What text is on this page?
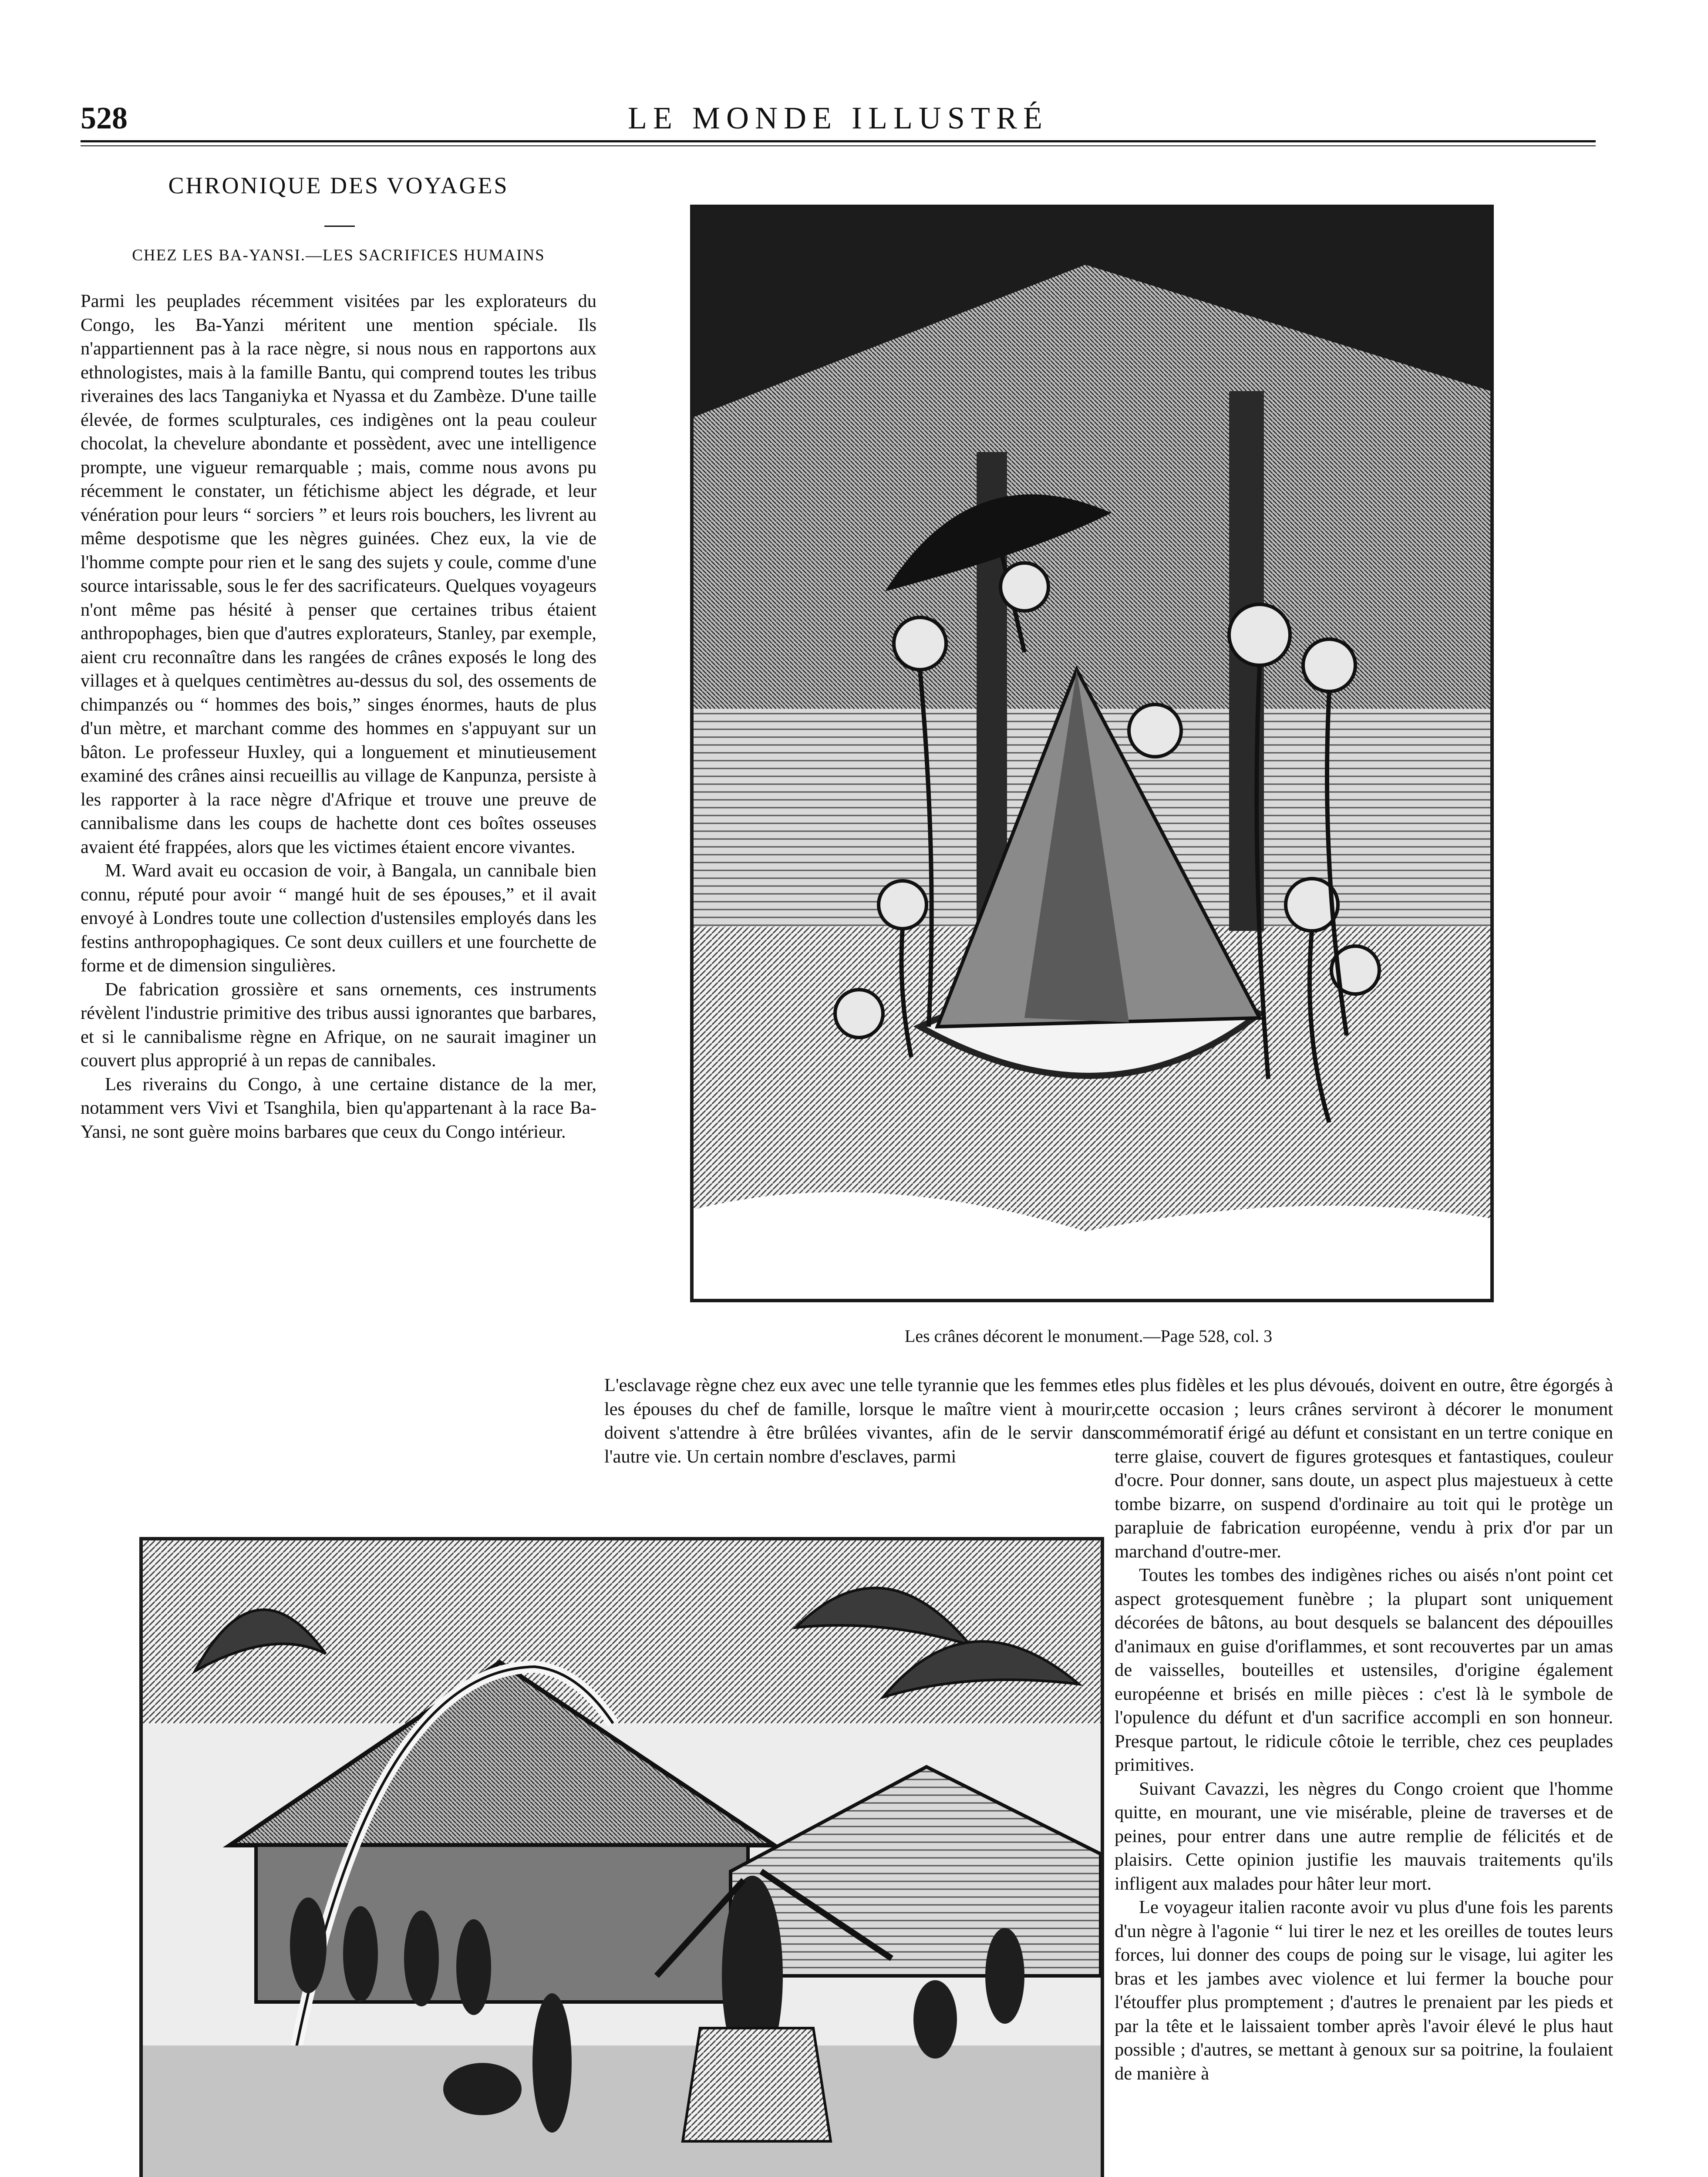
528	LE MONDE ILLUSTRÉ
CHRONIQUE DES VOYAGES
CHEZ LES BA-YANSI.—LES SACRIFICES HUMAINS

Parmi les peuplades récemment visitées par les explorateurs du Congo, les Ba-Yanzi méritent une mention spéciale. Ils n'appartiennent pas à la race nègre, si nous nous en rapportons aux ethnologistes, mais à la famille Bantu, qui comprend toutes les tribus riveraines des lacs Tanganiyka et Nyassa et du Zambèze. D'une taille élevée, de formes sculpturales, ces indigènes ont la peau couleur chocolat, la chevelure abondante et possèdent, avec une intelligence prompte, une vigueur remarquable ; mais, comme nous avons pu récemment le constater, un fétichisme abject les dégrade, et leur vénération pour leurs “ sorciers ” et leurs rois bouchers, les livrent au même despotisme que les nègres guinées. Chez eux, la vie de l'homme compte pour rien et le sang des sujets y coule, comme d'une source intarissable, sous le fer des sacrificateurs. Quelques voyageurs n'ont même pas hésité à penser que certaines tribus étaient anthropophages, bien que d'autres explorateurs, Stanley, par exemple, aient cru reconnaître dans les rangées de crânes exposés le long des villages et à quelques centimètres au-dessus du sol, des ossements de chimpanzés ou “ hommes des bois,” singes énormes, hauts de plus d'un mètre, et marchant comme des hommes en s'appuyant sur un bâton. Le professeur Huxley, qui a longuement et minutieusement examiné des crânes ainsi recueillis au village de Kanpunza, persiste à les rapporter à la race nègre d'Afrique et trouve une preuve de cannibalisme dans les coups de hachette dont ces boîtes osseuses avaient été frappées, alors que les victimes étaient encore vivantes.

M. Ward avait eu occasion de voir, à Bangala, un cannibale bien connu, réputé pour avoir “ mangé huit de ses épouses,” et il avait envoyé à Londres toute une collection d'ustensiles employés dans les festins anthropophagiques. Ce sont deux cuillers et une fourchette de forme et de dimension singulières.

De fabrication grossière et sans ornements, ces instruments révèlent l'industrie primitive des tribus aussi ignorantes que barbares, et si le cannibalisme règne en Afrique, on ne saurait imaginer un couvert plus approprié à un repas de cannibales.

Les riverains du Congo, à une certaine distance de la mer, notamment vers Vivi et Tsanghila, bien qu'appartenant à la race Ba-Yansi, ne sont guère moins barbares que ceux du Congo intérieur.

L'esclavage règne chez eux avec une telle tyrannie que les femmes et les épouses du chef de famille, lorsque le maître vient à mourir, doivent s'attendre à être brûlées vivantes, afin de le servir dans l'autre vie. Un certain nombre d'esclaves, parmi

les plus fidèles et les plus dévoués, doivent en outre, être égorgés à cette occasion ; leurs crânes serviront à décorer le monument commémoratif érigé au défunt et consistant en un tertre conique en terre glaise, couvert de figures grotesques et fantastiques, couleur d'ocre. Pour donner, sans doute, un aspect plus majestueux à cette tombe bizarre, on suspend d'ordinaire au toit qui le protège un parapluie de fabrication européenne, vendu à prix d'or par un marchand d'outre-mer.

Toutes les tombes des indigènes riches ou aisés n'ont point cet aspect grotesquement funèbre ; la plupart sont uniquement décorées de bâtons, au bout desquels se balancent des dépouilles d'animaux en guise d'oriflammes, et sont recouvertes par un amas de vaisselles, bouteilles et ustensiles, d'origine également européenne et brisés en mille pièces : c'est là le symbole de l'opulence du défunt et d'un sacrifice accompli en son honneur. Presque partout, le ridicule côtoie le terrible, chez ces peuplades primitives.

Suivant Cavazzi, les nègres du Congo croient que l'homme quitte, en mourant, une vie misérable, pleine de traverses et de peines, pour entrer dans une autre remplie de félicités et de plaisirs. Cette opinion justifie les mauvais traitements qu'ils infligent aux malades pour hâter leur mort.

Le voyageur italien raconte avoir vu plus d'une fois les parents d'un nègre à l'agonie “ lui tirer le nez et les oreilles de toutes leurs forces, lui donner des coups de poing sur le visage, lui agiter les bras et les jambes avec violence et lui fermer la bouche pour l'étouffer plus promptement ; d'autres le prenaient par les pieds et par la tête et le laissaient tomber après l'avoir élevé le plus haut possible ; d'autres, se mettant à genoux sur sa poitrine, la foulaient de manière à

Les crânes décorent le monument.—Page 528, col. 3
